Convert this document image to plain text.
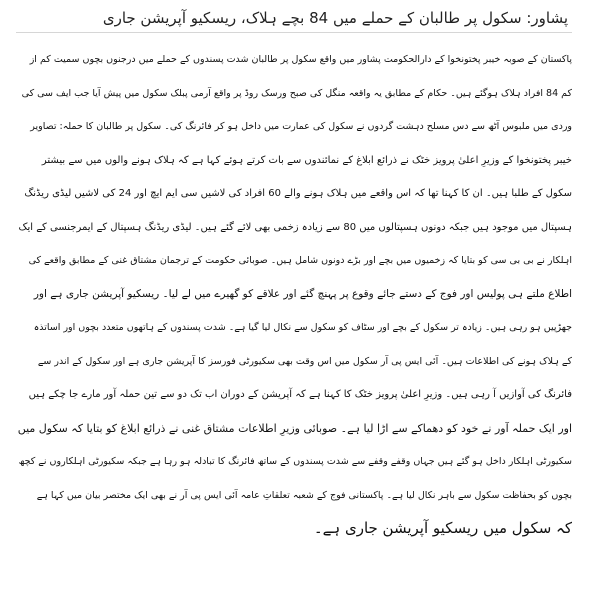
پشاور: سکول پر طالبان کے حملے میں 84 بچے ہلاک، ریسکیو آپریشن جاری
پاکستان کے صوبہ خیبر پختونخوا کے دارالحکومت پشاور میں واقع سکول پر طالبان شدت پسندوں کے حملے میں درجنوں بچوں سمیت کم از
کم 84 افراد ہلاک ہوگئے ہیں۔ حکام کے مطابق یہ واقعہ منگل کی صبح ورسک روڈ پر واقع آرمی پبلک سکول میں پیش آیا جب ایف سی کی
وردی میں ملبوس آٹھ سے دس مسلح دہشت گردوں نے سکول کی عمارت میں داخل ہو کر فائرنگ کی۔ سکول پر طالبان کا حملہ: تصاویر
خیبر پختونخوا کے وزیرِ اعلیٰ پرویز خٹک نے ذرائع ابلاغ کے نمائندوں سے بات کرتے ہوئے کہا ہے کہ ہلاک ہونے والوں میں سے بیشتر
سکول کے طلبا ہیں۔ ان کا کہنا تھا کہ اس واقعے میں ہلاک ہونے والے 60 افراد کی لاشیں سی ایم ایچ اور 24 کی لاشیں لیڈی ریڈنگ
ہسپتال میں موجود ہیں جبکہ دونوں ہسپتالوں میں 80 سے زیادہ زخمی بھی لائے گئے ہیں۔ لیڈی ریڈنگ ہسپتال کے ایمرجنسی کے ایک
اہلکار نے بی بی سی کو بتایا کہ زخمیوں میں بچے اور بڑے دونوں شامل ہیں۔ صوبائی حکومت کے ترجمان مشتاق غنی کے مطابق واقعے کی
اطلاع ملتے ہی پولیس اور فوج کے دستے جائے وقوع پر پہنچ گئے اور علاقے کو گھیرے میں لے لیا۔ ریسکیو آپریشن جاری ہے اور
جھڑپیں ہو رہی ہیں۔ زیادہ تر سکول کے بچے اور سٹاف کو سکول سے نکال لیا گیا ہے۔ شدت پسندوں کے ہاتھوں متعدد بچوں اور اساتذہ
کے ہلاک ہونے کی اطلاعات ہیں۔ آئی ایس پی آر سکول میں اس وقت بھی سکیورٹی فورسز کا آپریشن جاری ہے اور سکول کے اندر سے
فائرنگ کی آوازیں آ رہی ہیں۔ وزیرِ اعلیٰ پرویز خٹک کا کہنا ہے کہ آپریشن کے دوران اب تک دو سے تین حملہ آور مارے جا چکے ہیں
اور ایک حملہ آور نے خود کو دھماکے سے اڑا لیا ہے۔ صوبائی وزیرِ اطلاعات مشتاق غنی نے ذرائع ابلاغ کو بتایا کہ سکول میں
سکیورٹی اہلکار داخل ہو گئے ہیں جہاں وقفے وقفے سے شدت پسندوں کے ساتھ فائرنگ کا تبادلہ ہو رہا ہے جبکہ سکیورٹی اہلکاروں نے کچھ
بچوں کو بحفاظت سکول سے باہر نکال لیا ہے۔ پاکستانی فوج کے شعبہ تعلقاتِ عامہ آئی ایس پی آر نے بھی ایک مختصر بیان میں کہا ہے
کہ سکول میں ریسکیو آپریشن جاری ہے۔
